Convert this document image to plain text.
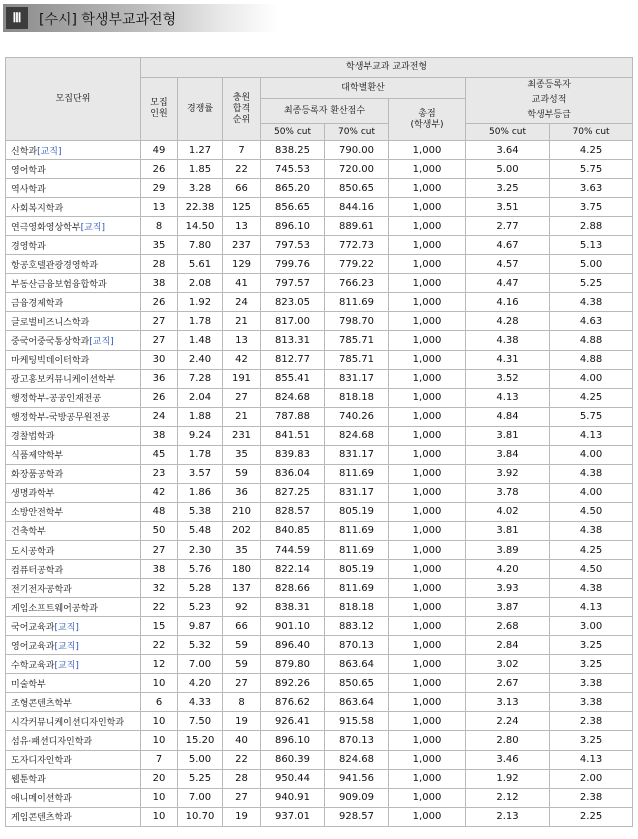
Ⅲ	[수시] 학생부교과전형
모집단위	학생부교과 교과전형							
	모집
인원	경쟁률	충원
합격
순위	대학별환산			최종등록자
교과성적
학생부등급	
				최종등록자 환산점수		총점
(학생부)		
				50% cut	70% cut		50% cut	70% cut
신학과[교직]	49	1.27	7	838.25	790.00	1,000	3.64	4.25
영어학과	26	1.85	22	745.53	720.00	1,000	5.00	5.75
역사학과	29	3.28	66	865.20	850.65	1,000	3.25	3.63
사회복지학과	13	22.38	125	856.65	844.16	1,000	3.51	3.75
연극영화영상학부[교직]	8	14.50	13	896.10	889.61	1,000	2.77	2.88
경영학과	35	7.80	237	797.53	772.73	1,000	4.67	5.13
항공호텔관광경영학과	28	5.61	129	799.76	779.22	1,000	4.57	5.00
부동산금융보험융합학과	38	2.08	41	797.57	766.23	1,000	4.47	5.25
금융경제학과	26	1.92	24	823.05	811.69	1,000	4.16	4.38
글로벌비즈니스학과	27	1.78	21	817.00	798.70	1,000	4.28	4.63
중국어중국통상학과[교직]	27	1.48	13	813.31	785.71	1,000	4.38	4.88
마케팅빅데이터학과	30	2.40	42	812.77	785.71	1,000	4.31	4.88
광고홍보커뮤니케이션학부	36	7.28	191	855.41	831.17	1,000	3.52	4.00
행정학부-공공인재전공	26	2.04	27	824.68	818.18	1,000	4.13	4.25
행정학부-국방공무원전공	24	1.88	21	787.88	740.26	1,000	4.84	5.75
경찰법학과	38	9.24	231	841.51	824.68	1,000	3.81	4.13
식품제약학부	45	1.78	35	839.83	831.17	1,000	3.84	4.00
화장품공학과	23	3.57	59	836.04	811.69	1,000	3.92	4.38
생명과학부	42	1.86	36	827.25	831.17	1,000	3.78	4.00
소방안전학부	48	5.38	210	828.57	805.19	1,000	4.02	4.50
건축학부	50	5.48	202	840.85	811.69	1,000	3.81	4.38
도시공학과	27	2.30	35	744.59	811.69	1,000	3.89	4.25
컴퓨터공학과	38	5.76	180	822.14	805.19	1,000	4.20	4.50
전기전자공학과	32	5.28	137	828.66	811.69	1,000	3.93	4.38
게임소프트웨어공학과	22	5.23	92	838.31	818.18	1,000	3.87	4.13
국어교육과[교직]	15	9.87	66	901.10	883.12	1,000	2.68	3.00
영어교육과[교직]	22	5.32	59	896.40	870.13	1,000	2.84	3.25
수학교육과[교직]	12	7.00	59	879.80	863.64	1,000	3.02	3.25
미술학부	10	4.20	27	892.26	850.65	1,000	2.67	3.38
조형콘텐츠학부	6	4.33	8	876.62	863.64	1,000	3.13	3.38
시각커뮤니케이션디자인학과	10	7.50	19	926.41	915.58	1,000	2.24	2.38
섬유·패션디자인학과	10	15.20	40	896.10	870.13	1,000	2.80	3.25
도자디자인학과	7	5.00	22	860.39	824.68	1,000	3.46	4.13
웹툰학과	20	5.25	28	950.44	941.56	1,000	1.92	2.00
애니메이션학과	10	7.00	27	940.91	909.09	1,000	2.12	2.38
게임콘텐츠학과	10	10.70	19	937.01	928.57	1,000	2.13	2.25
